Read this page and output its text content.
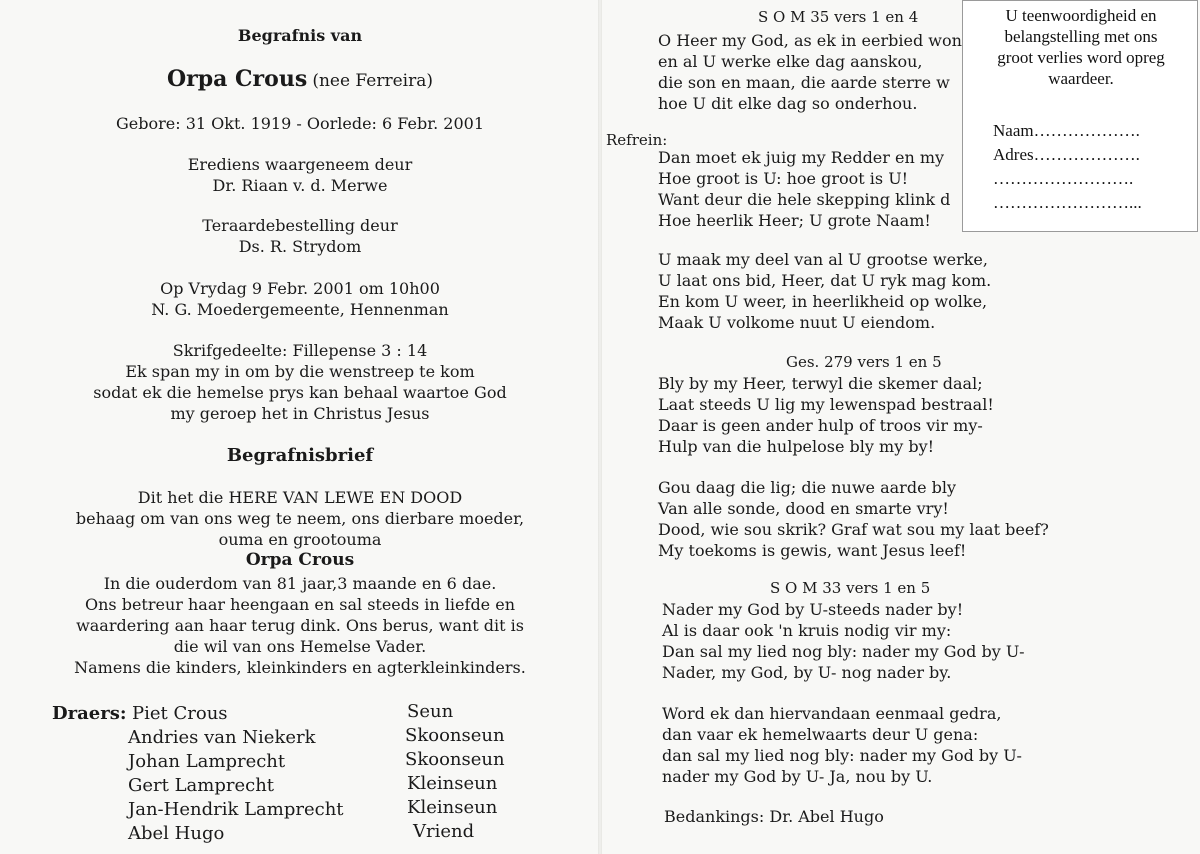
Begrafnis van
Orpa Crous (nee Ferreira)
Gebore: 31 Okt. 1919 - Oorlede: 6 Febr. 2001
Erediens waargeneem deur
Dr. Riaan v. d. Merwe
Teraardebestelling deur
Ds. R. Strydom
Op Vrydag 9 Febr. 2001 om 10h00
N. G. Moedergemeente, Hennenman
Skrifgedeelte: Fillepense 3 : 14
Ek span my in om by die wenstreep te kom
sodat ek die hemelse prys kan behaal waartoe God
my geroep het in Christus Jesus
Begrafnisbrief
Dit het die HERE VAN LEWE EN DOOD
behaag om van ons weg te neem, ons dierbare moeder,
ouma en grootouma
Orpa Crous
In die ouderdom van 81 jaar,3 maande en 6 dae.
Ons betreur haar heengaan en sal steeds in liefde en
waardering aan haar terug dink. Ons berus, want dit is
die wil van ons Hemelse Vader.
Namens die kinders, kleinkinders en agterkleinkinders.
Draers: Piet Crous	Seun
Andries van Niekerk	Skoonseun
Johan Lamprecht	Skoonseun
Gert Lamprecht	Kleinseun
Jan-Hendrik Lamprecht	Kleinseun
Abel Hugo	Vriend
S O M 35 vers 1 en 4
O Heer my God, as ek in eerbied won
en al U werke elke dag aanskou,
die son en maan, die aarde sterre w
hoe U dit elke dag so onderhou.
Refrein:
Dan moet ek juig my Redder en my
Hoe groot is U: hoe groot is U!
Want deur die hele skepping klink d
Hoe heerlik Heer; U grote Naam!
U maak my deel van al U grootse werke,
U laat ons bid, Heer, dat U ryk mag kom.
En kom U weer, in heerlikheid op wolke,
Maak U volkome nuut U eiendom.
Ges. 279 vers 1 en 5
Bly by my Heer, terwyl die skemer daal;
Laat steeds U lig my lewenspad bestraal!
Daar is geen ander hulp of troos vir my-
Hulp van die hulpelose bly my by!
Gou daag die lig; die nuwe aarde bly
Van alle sonde, dood en smarte vry!
Dood, wie sou skrik? Graf wat sou my laat beef?
My toekoms is gewis, want Jesus leef!
S O M 33 vers 1 en 5
Nader my God by U-steeds nader by!
Al is daar ook 'n kruis nodig vir my:
Dan sal my lied nog bly: nader my God by U-
Nader, my God, by U- nog nader by.
Word ek dan hiervandaan eenmaal gedra,
dan vaar ek hemelwaarts deur U gena:
dan sal my lied nog bly: nader my God by U-
nader my God by U- Ja, nou by U.
Bedankings: Dr. Abel Hugo
U teenwoordigheid en
belangstelling met ons
groot verlies word opreg
waardeer.
Naam……………….
Adres……………….
…………………….
……………………...
